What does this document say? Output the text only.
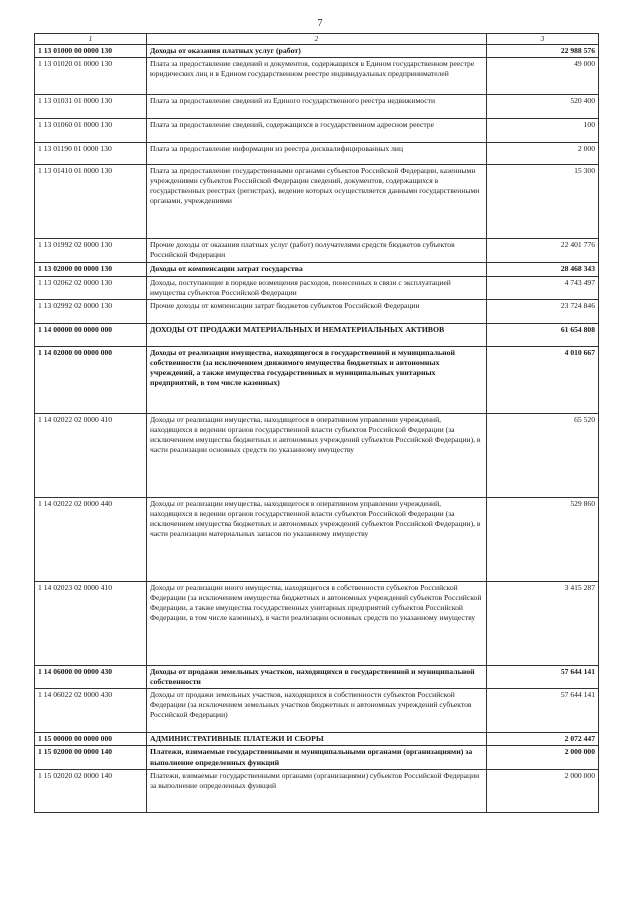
7
1	2	3
1 13 01000 00 0000 130	Доходы от оказания платных услуг (работ)	22 988 576
1 13 01020 01 0000 130	Плата за предоставление сведений и документов, содержащихся в Едином государственном реестре юридических лиц и в Едином государственном реестре индивидуальных предпринимателей	49 000
1 13 01031 01 0000 130	Плата за предоставление сведений из Единого государственного реестра недвижимости	520 400
1 13 01060 01 0000 130	Плата за предоставление сведений, содержащихся в государственном адресном реестре	100
1 13 01190 01 0000 130	Плата за предоставление информации из реестра дисквалифицированных лиц	2 000
1 13 01410 01 0000 130	Плата за предоставление государственными органами субъектов Российской Федерации, казенными учреждениями субъектов Российской Федерации сведений, документов, содержащихся в государственных реестрах (регистрах), ведение которых осуществляется данными государственными органами, учреждениями	15 300
1 13 01992 02 0000 130	Прочие доходы от оказания платных услуг (работ) получателями средств бюджетов субъектов Российской Федерации	22 401 776
1 13 02000 00 0000 130	Доходы от компенсации затрат государства	28 468 343
1 13 02062 02 0000 130	Доходы, поступающие в порядке возмещения расходов, понесенных в связи с эксплуатацией имущества субъектов Российской Федерации	4 743 497
1 13 02992 02 0000 130	Прочие доходы от компенсации затрат бюджетов субъектов Российской Федерации	23 724 846
1 14 00000 00 0000 000	ДОХОДЫ ОТ ПРОДАЖИ МАТЕРИАЛЬНЫХ И НЕМАТЕРИАЛЬНЫХ АКТИВОВ	61 654 808
1 14 02000 00 0000 000	Доходы от реализации имущества, находящегося в государственной и муниципальной собственности (за исключением движимого имущества бюджетных и автономных учреждений, а также имущества государственных и муниципальных унитарных предприятий, в том числе казенных)	4 010 667
1 14 02022 02 0000 410	Доходы от реализации имущества, находящегося в оперативном управлении учреждений, находящихся в ведении органов государственной власти субъектов Российской Федерации (за исключением имущества бюджетных и автономных учреждений субъектов Российской Федерации), в части реализации основных средств по указанному имуществу	65 520
1 14 02022 02 0000 440	Доходы от реализации имущества, находящегося в оперативном управлении учреждений, находящихся в ведении органов государственной власти субъектов Российской Федерации (за исключением имущества бюджетных и автономных учреждений субъектов Российской Федерации), в части реализации материальных запасов по указанному имуществу	529 860
1 14 02023 02 0000 410	Доходы от реализации иного имущества, находящегося в собственности субъектов Российской Федерации (за исключением имущества бюджетных и автономных учреждений субъектов Российской Федерации, а также имущества государственных унитарных предприятий субъектов Российской Федерации, в том числе казенных), в части реализации основных средств по указанному имуществу	3 415 287
1 14 06000 00 0000 430	Доходы от продажи земельных участков, находящихся в государственной и муниципальной собственности	57 644 141
1 14 06022 02 0000 430	Доходы от продажи земельных участков, находящихся в собственности субъектов Российской Федерации (за исключением земельных участков бюджетных и автономных учреждений субъектов Российской Федерации)	57 644 141
1 15 00000 00 0000 000	АДМИНИСТРАТИВНЫЕ ПЛАТЕЖИ И СБОРЫ	2 072 447
1 15 02000 00 0000 140	Платежи, взимаемые государственными и муниципальными органами (организациями) за выполнение определенных функций	2 000 000
1 15 02020 02 0000 140	Платежи, взимаемые государственными органами (организациями) субъектов Российской Федерации за выполнение определенных функций	2 000 000
